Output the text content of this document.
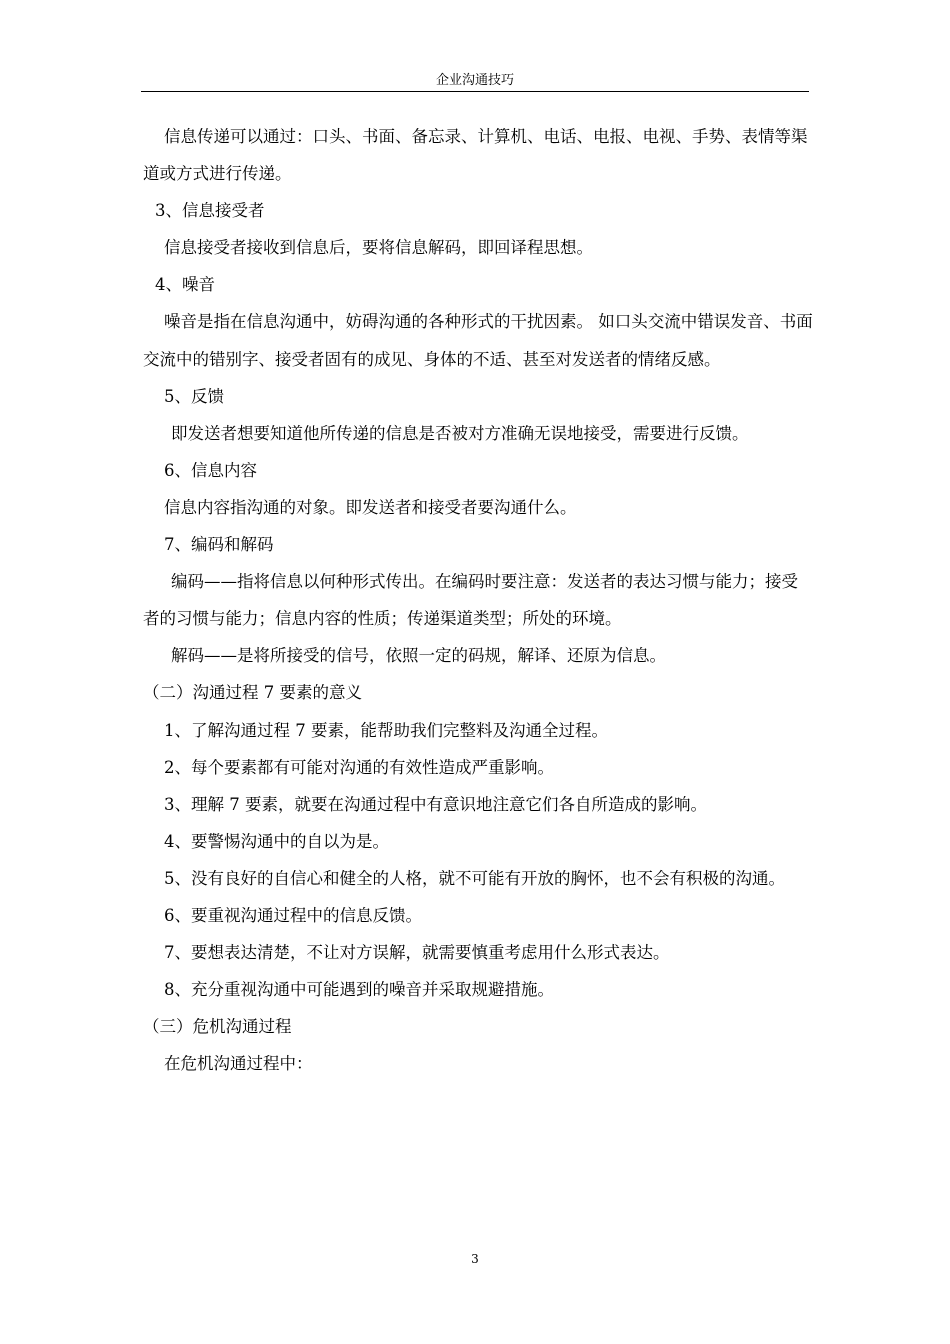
企业沟通技巧

信息传递可以通过：口头、书面、备忘录、计算机、电话、电报、电视、手势、表情等渠道或方式进行传递。

3、信息接受者

信息接受者接收到信息后，要将信息解码，即回译程思想。

4、噪音

噪音是指在信息沟通中，妨碍沟通的各种形式的干扰因素。 如口头交流中错误发音、书面交流中的错别字、接受者固有的成见、身体的不适、甚至对发送者的情绪反感。

5、反馈

即发送者想要知道他所传递的信息是否被对方准确无误地接受，需要进行反馈。

6、信息内容

信息内容指沟通的对象。即发送者和接受者要沟通什么。

7、编码和解码

编码——指将信息以何种形式传出。在编码时要注意：发送者的表达习惯与能力；接受者的习惯与能力；信息内容的性质；传递渠道类型；所处的环境。

解码——是将所接受的信号，依照一定的码规，解译、还原为信息。

（二）沟通过程 7 要素的意义

1、了解沟通过程 7 要素，能帮助我们完整料及沟通全过程。

2、每个要素都有可能对沟通的有效性造成严重影响。

3、理解 7 要素，就要在沟通过程中有意识地注意它们各自所造成的影响。

4、要警惕沟通中的自以为是。

5、没有良好的自信心和健全的人格，就不可能有开放的胸怀，也不会有积极的沟通。

6、要重视沟通过程中的信息反馈。

7、要想表达清楚，不让对方误解，就需要慎重考虑用什么形式表达。

8、充分重视沟通中可能遇到的噪音并采取规避措施。

（三）危机沟通过程

在危机沟通过程中：

3
